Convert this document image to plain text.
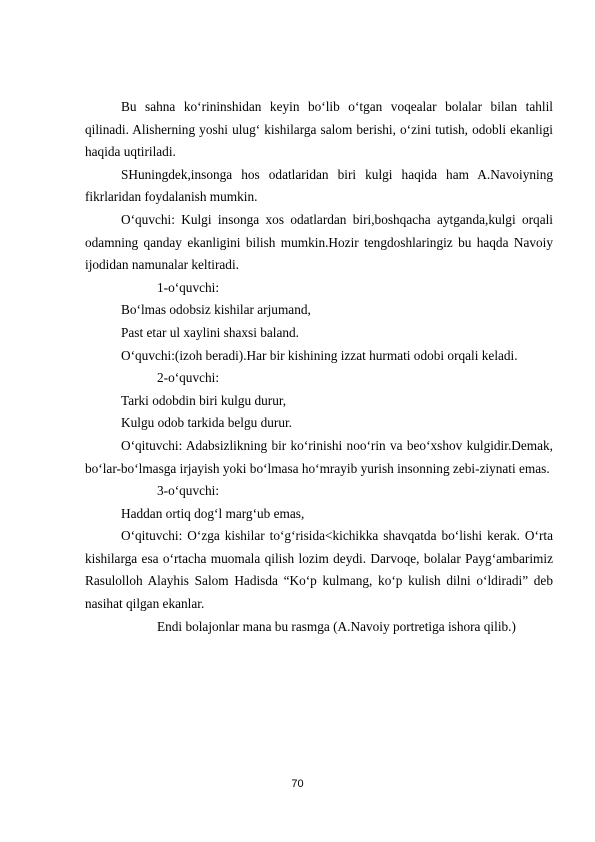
Bu sahna ko‘rininshidan keyin bo‘lib o‘tgan voqealar bolalar bilan tahlil qilinadi. Alisherning yoshi ulug‘ kishilarga salom berishi, o‘zini tutish, odobli ekanligi haqida uqtiriladi.

SHuningdek,insonga hos odatlaridan biri kulgi haqida ham A.Navoiyning fikrlaridan foydalanish mumkin.

O‘quvchi: Kulgi insonga xos odatlardan biri,boshqacha aytganda,kulgi orqali odamning qanday ekanligini bilish mumkin.Hozir tengdoshlaringiz bu haqda Navoiy ijodidan namunalar keltiradi.

1-o‘quvchi:

Bo‘lmas odobsiz kishilar arjumand,

Past etar ul xaylini shaxsi baland.

O‘quvchi:(izoh beradi).Har bir kishining izzat hurmati odobi orqali keladi.

2-o‘quvchi:

Tarki odobdin biri kulgu durur,

Kulgu odob tarkida belgu durur.

O‘qituvchi: Adabsizlikning bir ko‘rinishi noo‘rin va beo‘xshov kulgidir.Demak, bo‘lar-bo‘lmasga irjayish yoki bo‘lmasa ho‘mrayib yurish insonning zebi-ziynati emas.

3-o‘quvchi:

Haddan ortiq dog‘l marg‘ub emas,

O‘qituvchi: O‘zga kishilar to‘g‘risida<kichikka shavqatda bo‘lishi kerak. O‘rta kishilarga esa o‘rtacha muomala qilish lozim deydi. Darvoqe, bolalar Payg‘ambarimiz Rasulolloh Alayhis Salom Hadisda “Ko‘p kulmang, ko‘p kulish dilni o‘ldiradi” deb nasihat qilgan ekanlar.

Endi bolajonlar mana bu rasmga (A.Navoiy portretiga ishora qilib.)

70
